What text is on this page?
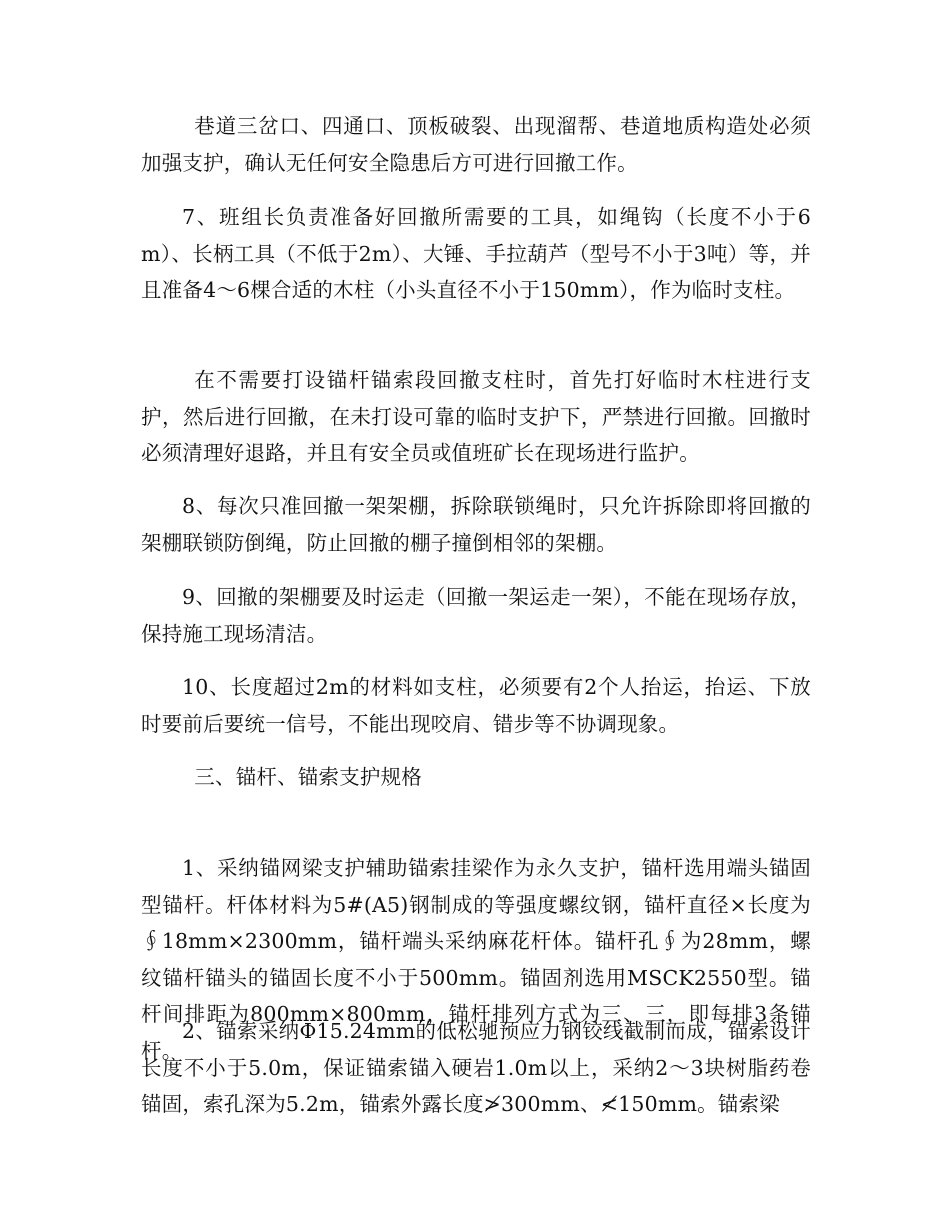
巷道三岔口、四通口、顶板破裂、出现溜帮、巷道地质构造处必须加强支护，确认无任何安全隐患后方可进行回撤工作。

7、班组长负责准备好回撤所需要的工具，如绳钩（长度不小于6m）、长柄工具（不低于2m）、大锤、手拉葫芦（型号不小于3吨）等，并且准备4～6棵合适的木柱（小头直径不小于150mm），作为临时支柱。

在不需要打设锚杆锚索段回撤支柱时，首先打好临时木柱进行支护，然后进行回撤，在未打设可靠的临时支护下，严禁进行回撤。回撤时必须清理好退路，并且有安全员或值班矿长在现场进行监护。

8、每次只准回撤一架架棚，拆除联锁绳时，只允许拆除即将回撤的架棚联锁防倒绳，防止回撤的棚子撞倒相邻的架棚。

9、回撤的架棚要及时运走（回撤一架运走一架），不能在现场存放，保持施工现场清洁。

10、长度超过2m的材料如支柱，必须要有2个人抬运，抬运、下放时要前后要统一信号，不能出现咬肩、错步等不协调现象。

三、锚杆、锚索支护规格

1、采纳锚网梁支护辅助锚索挂梁作为永久支护，锚杆选用端头锚固型锚杆。杆体材料为5#(A5)钢制成的等强度螺纹钢，锚杆直径×长度为∮18mm×2300mm，锚杆端头采纳麻花杆体。锚杆孔∮为28mm，螺纹锚杆锚头的锚固长度不小于500mm。锚固剂选用MSCK2550型。锚杆间排距为800mm×800mm，锚杆排列方式为三、三，即每排3条锚杆。

2、锚索采纳Φ15.24mm的低松驰预应力钢铰线截制而成，锚索设计长度不小于5.0m，保证锚索锚入硬岩1.0m以上，采纳2～3块树脂药卷锚固，索孔深为5.2m，锚索外露长度≯300mm、≮150mm。锚索梁
